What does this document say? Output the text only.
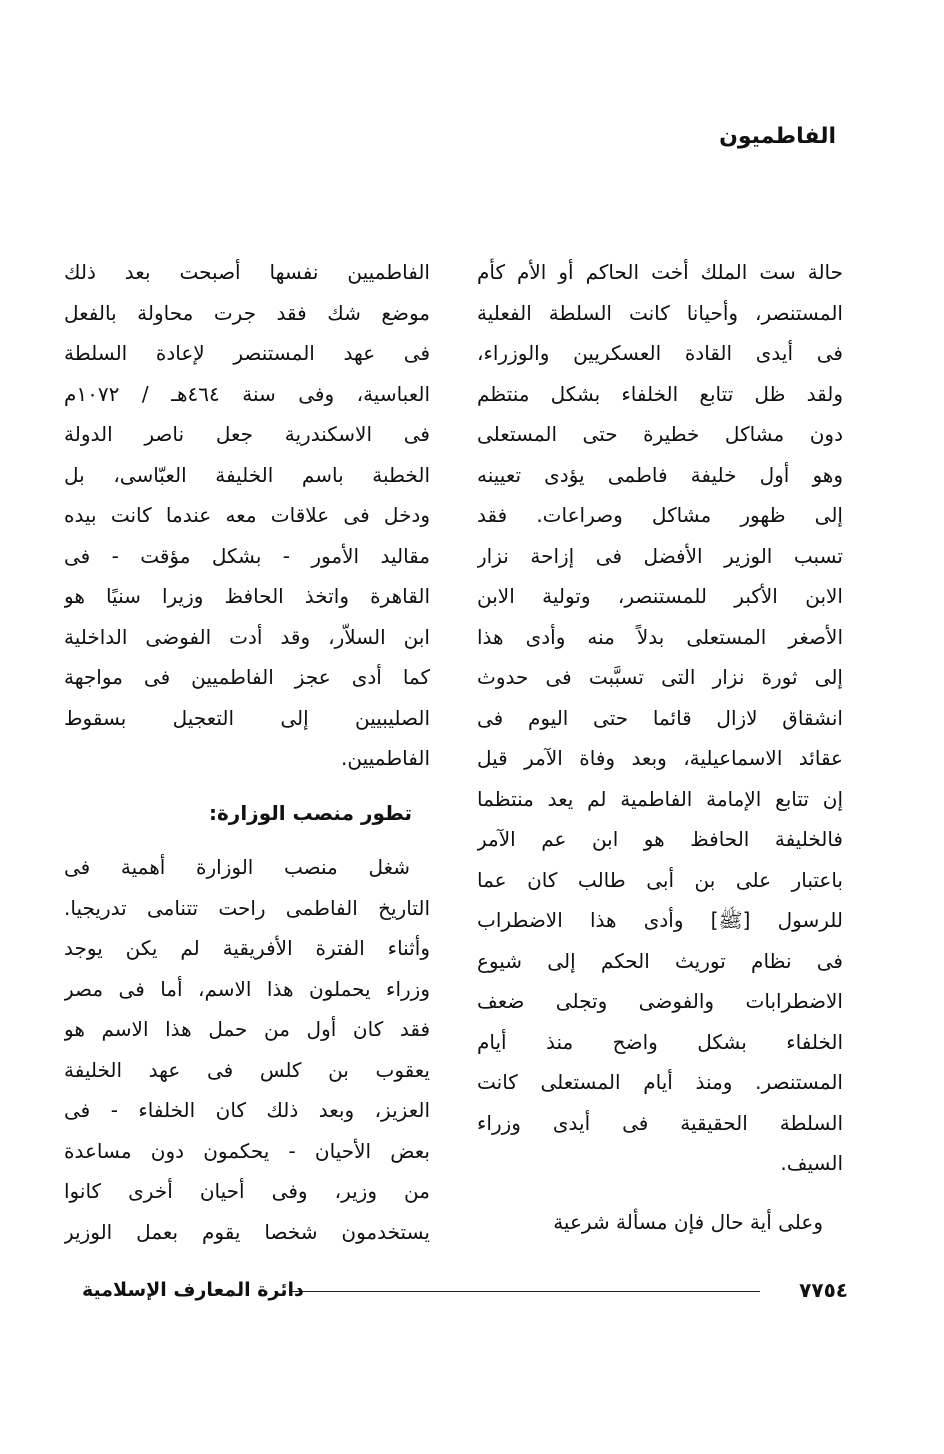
الفاطميون
حالة ست الملك أخت الحاكم أو الأم كأم
المستنصر، وأحيانا كانت السلطة الفعلية
فى أيدى القادة العسكريين والوزراء،
ولقد ظل تتابع الخلفاء بشكل منتظم
دون مشاكل خطيرة حتى المستعلى
وهو أول خليفة فاطمى يؤدى تعيينه
إلى ظهور مشاكل وصراعات. فقد
تسبب الوزير الأفضل فى إزاحة نزار
الابن الأكبر للمستنصر، وتولية الابن
الأصغر المستعلى بدلاً منه وأدى هذا
إلى ثورة نزار التى تسبَّبت فى حدوث
انشقاق لازال قائما حتى اليوم فى
عقائد الاسماعيلية، وبعد وفاة الآمر قيل
إن تتابع الإمامة الفاطمية لم يعد منتظما
فالخليفة الحافظ هو ابن عم الآمر
باعتبار على بن أبى طالب كان عما
للرسول [ﷺ] وأدى هذا الاضطراب
فى نظام توريث الحكم إلى شيوع
الاضطرابات والفوضى وتجلى ضعف
الخلفاء بشكل واضح منذ أيام
المستنصر. ومنذ أيام المستعلى كانت
السلطة الحقيقية فى أيدى وزراء
السيف.
وعلى أية حال فإن مسألة شرعية
الفاطميين نفسها أصبحت بعد ذلك
موضع شك فقد جرت محاولة بالفعل
فى عهد المستنصر لإعادة السلطة
العباسية، وفى سنة ٤٦٤هـ / ١٠٧٢م
فى الاسكندرية جعل ناصر الدولة
الخطبة باسم الخليفة العبّاسى، بل
ودخل فى علاقات معه عندما كانت بيده
مقاليد الأمور - بشكل مؤقت - فى
القاهرة واتخذ الحافظ وزيرا سنيًا هو
ابن السلاّر، وقد أدت الفوضى الداخلية
كما أدى عجز الفاطميين فى مواجهة
الصليبيين إلى التعجيل بسقوط
الفاطميين.
تطور منصب الوزارة:
شغل منصب الوزارة أهمية فى
التاريخ الفاطمى راحت تتنامى تدريجيا.
وأثناء الفترة الأفريقية لم يكن يوجد
وزراء يحملون هذا الاسم، أما فى مصر
فقد كان أول من حمل هذا الاسم هو
يعقوب بن كلس فى عهد الخليفة
العزيز، وبعد ذلك كان الخلفاء - فى
بعض الأحيان - يحكمون دون مساعدة
من وزير، وفى أحيان أخرى كانوا
يستخدمون شخصا يقوم بعمل الوزير
٧٧٥٤
دائرة المعارف الإسلامية
